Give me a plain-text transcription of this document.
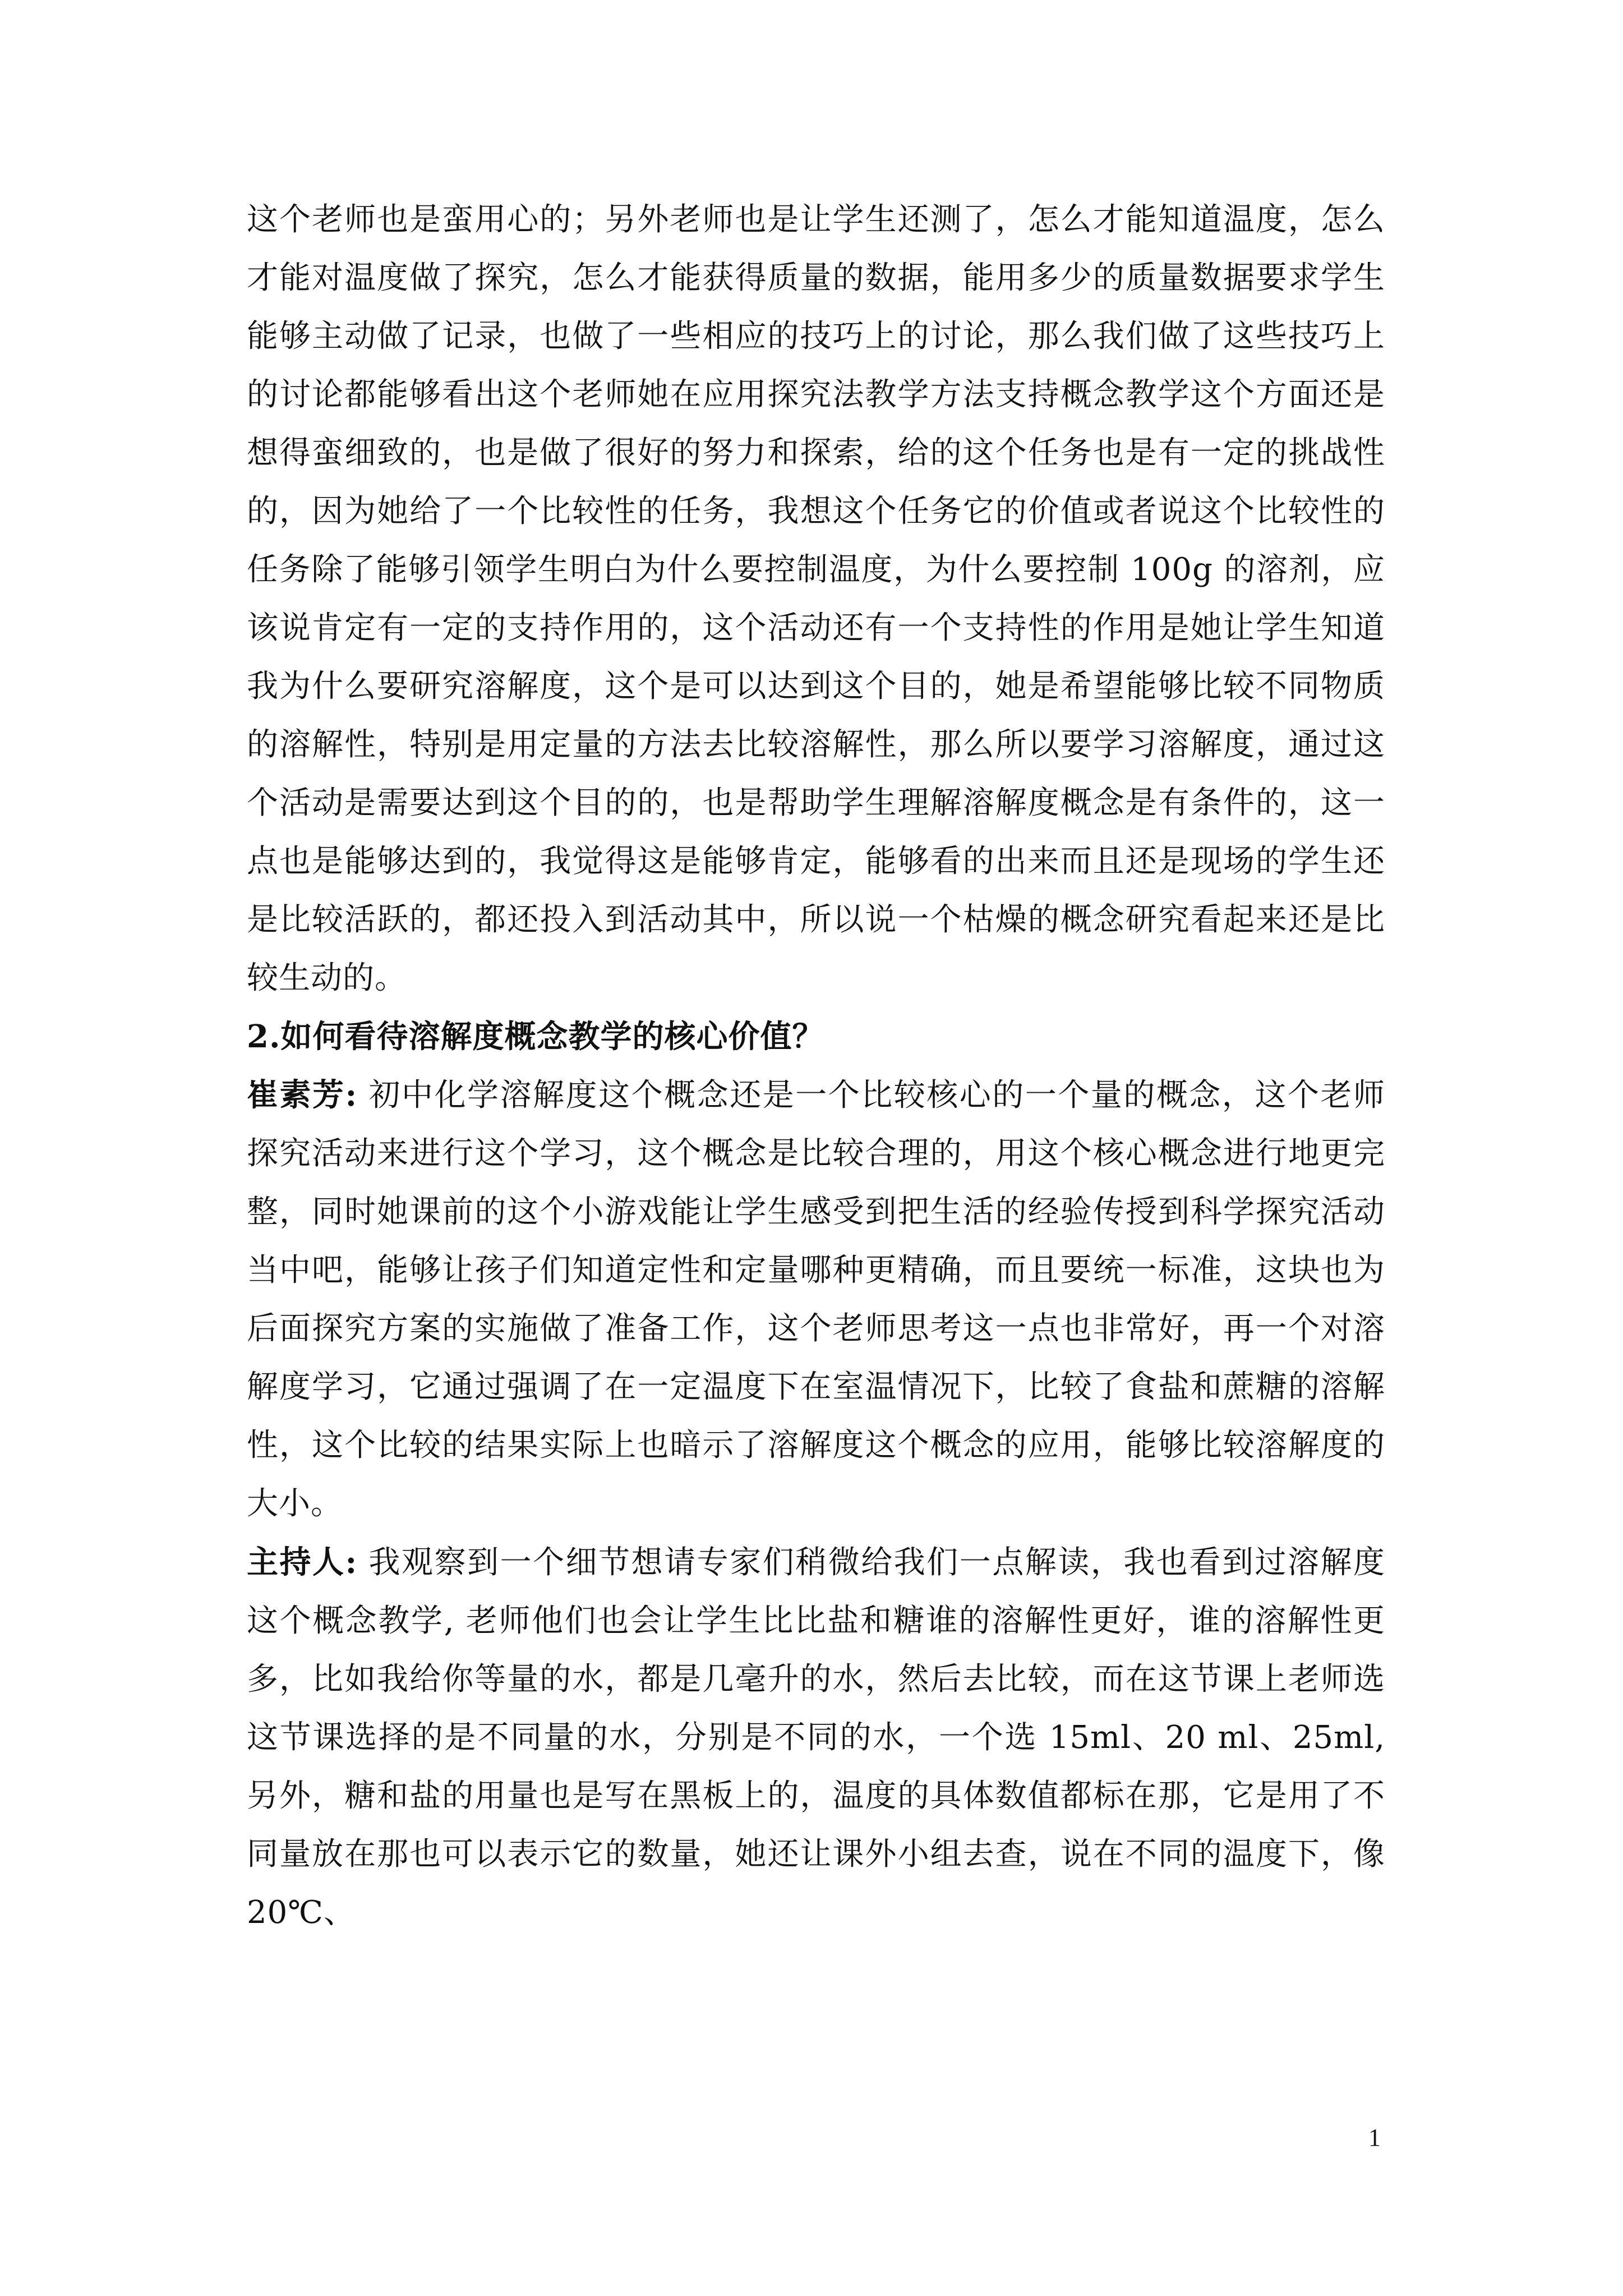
这个老师也是蛮用心的；另外老师也是让学生还测了，怎么才能知道温度，怎么才能对温度做了探究，怎么才能获得质量的数据，能用多少的质量数据要求学生能够主动做了记录，也做了一些相应的技巧上的讨论，那么我们做了这些技巧上的讨论都能够看出这个老师她在应用探究法教学方法支持概念教学这个方面还是想得蛮细致的，也是做了很好的努力和探索，给的这个任务也是有一定的挑战性的，因为她给了一个比较性的任务，我想这个任务它的价值或者说这个比较性的任务除了能够引领学生明白为什么要控制温度，为什么要控制 100g 的溶剂，应该说肯定有一定的支持作用的，这个活动还有一个支持性的作用是她让学生知道我为什么要研究溶解度，这个是可以达到这个目的，她是希望能够比较不同物质的溶解性，特别是用定量的方法去比较溶解性，那么所以要学习溶解度，通过这个活动是需要达到这个目的的，也是帮助学生理解溶解度概念是有条件的，这一点也是能够达到的，我觉得这是能够肯定，能够看的出来而且还是现场的学生还是比较活跃的，都还投入到活动其中，所以说一个枯燥的概念研究看起来还是比较生动的。

2.如何看待溶解度概念教学的核心价值？

崔素芳: 初中化学溶解度这个概念还是一个比较核心的一个量的概念，这个老师探究活动来进行这个学习，这个概念是比较合理的，用这个核心概念进行地更完整，同时她课前的这个小游戏能让学生感受到把生活的经验传授到科学探究活动当中吧，能够让孩子们知道定性和定量哪种更精确，而且要统一标准，这块也为后面探究方案的实施做了准备工作，这个老师思考这一点也非常好，再一个对溶解度学习，它通过强调了在一定温度下在室温情况下，比较了食盐和蔗糖的溶解性，这个比较的结果实际上也暗示了溶解度这个概念的应用，能够比较溶解度的大小。

主持人: 我观察到一个细节想请专家们稍微给我们一点解读，我也看到过溶解度这个概念教学, 老师他们也会让学生比比盐和糖谁的溶解性更好，谁的溶解性更多，比如我给你等量的水，都是几毫升的水，然后去比较，而在这节课上老师选这节课选择的是不同量的水，分别是不同的水，一个选 15ml、20 ml、25ml,另外，糖和盐的用量也是写在黑板上的，温度的具体数值都标在那，它是用了不同量放在那也可以表示它的数量，她还让课外小组去查，说在不同的温度下，像 20℃、

1
